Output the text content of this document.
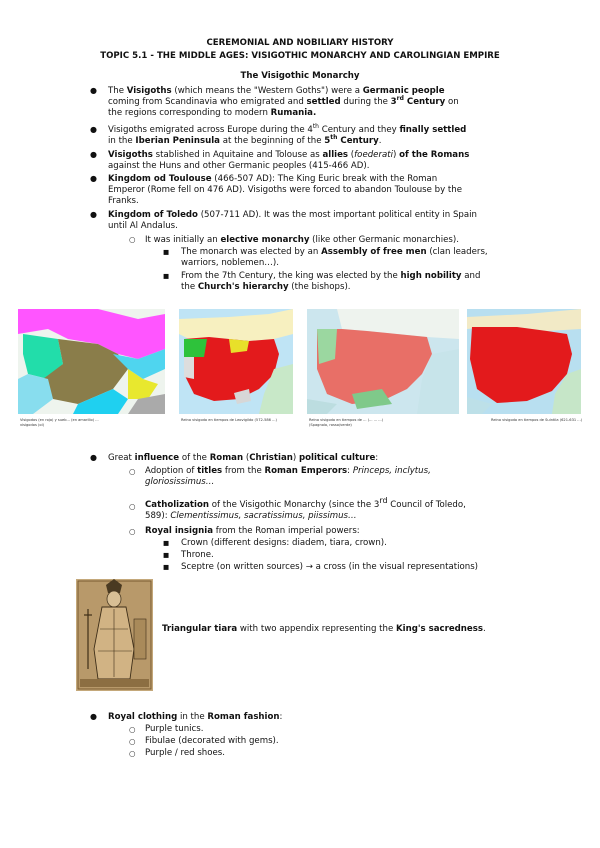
CEREMONIAL AND NOBILIARY HISTORY
TOPIC 5.1 - THE MIDDLE AGES: VISIGOTHIC MONARCHY AND CAROLINGIAN EMPIRE
The Visigothic Monarchy
● The Visigoths (which means the "Western Goths") were a Germanic people
coming from Scandinavia who emigrated and settled during the 3rd Century on
the regions corresponding to modern Rumania.
● Visigoths emigrated across Europe during the 4th Century and they finally settled
in the Iberian Peninsula at the beginning of the 5th Century.
● Visigoths stablished in Aquitaine and Tolouse as allies (foederati) of the Romans
against the Huns and other Germanic peoples (415-466 AD).
● Kingdom od Toulouse (466-507 AD): The King Euric break with the Roman
Emperor (Rome fell on 476 AD). Visigoths were forced to abandon Toulouse by the
Franks.
● Kingdom of Toledo (507-711 AD). It was the most important political entity in Spain
until Al Andalus.
○ It was initially an elective monarchy (like other Germanic monarchies).
■ The monarch was elected by an Assembly of free men (clan leaders,
warriors, noblemen…).
■ From the 7th Century, the king was elected by the high nobility and
the Church's hierarchy (the bishops).
Visigodos (en rojo) y sueb... (en amarillo) ...
visigodos (ol)
Reino visigodo en tiempos de Leovigildo (572-586 ...)	Reino visigodo en tiempos de ... (... ... ...)
(Spagnolo, rosso/verde)
Reino visigodo en tiempos de Suintila (621-631 ...)
● Great influence of the Roman (Christian) political culture:
○ Adoption of titles from the Roman Emperors: Princeps, inclytus,
gloriosissimus…
○ Catholization of the Visigothic Monarchy (since the 3rd Council of Toledo,
589): Clementissimus, sacratissimus, piissimus…
○ Royal insignia from the Roman imperial powers:
■ Crown (different designs: diadem, tiara, crown).
■ Throne.
■ Sceptre (on written sources) → a cross (in the visual representations)
Triangular tiara with two appendix representing the King's sacredness.
● Royal clothing in the Roman fashion:
○ Purple tunics.
○ Fibulae (decorated with gems).
○ Purple / red shoes.
